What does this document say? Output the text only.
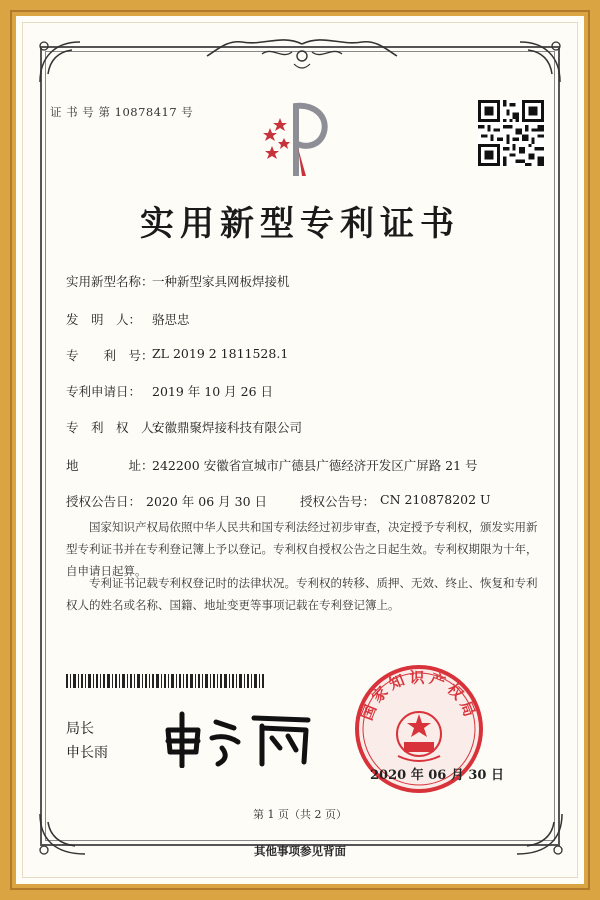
证 书 号 第 10878417 号
实用新型专利证书
实用新型名称：
一种新型家具网板焊接机
发　明　人： 骆思忠
专　　利　号：
ZL 2019 2 1811528.1
专利申请日： 2019 年 10 月 26 日
专　利　权　人：
安徽鼎聚焊接科技有限公司
地　　　　址：
242200 安徽省宣城市广德县广德经济开发区广屏路 21 号
授权公告日： 2020 年 06 月 30 日	授权公告号： CN 210878202 U
国家知识产权局依照中华人民共和国专利法经过初步审查，决定授予专利权，颁发实用新型专利证书并在专利登记簿上予以登记。专利权自授权公告之日起生效。专利权期限为十年，自申请日起算。
专利证书记载专利权登记时的法律状况。专利权的转移、质押、无效、终止、恢复和专利权人的姓名或名称、国籍、地址变更等事项记载在专利登记簿上。
局长
申长雨
国家知识产权局
2020 年 06 月 30 日
第 1 页（共 2 页）
其他事项参见背面
